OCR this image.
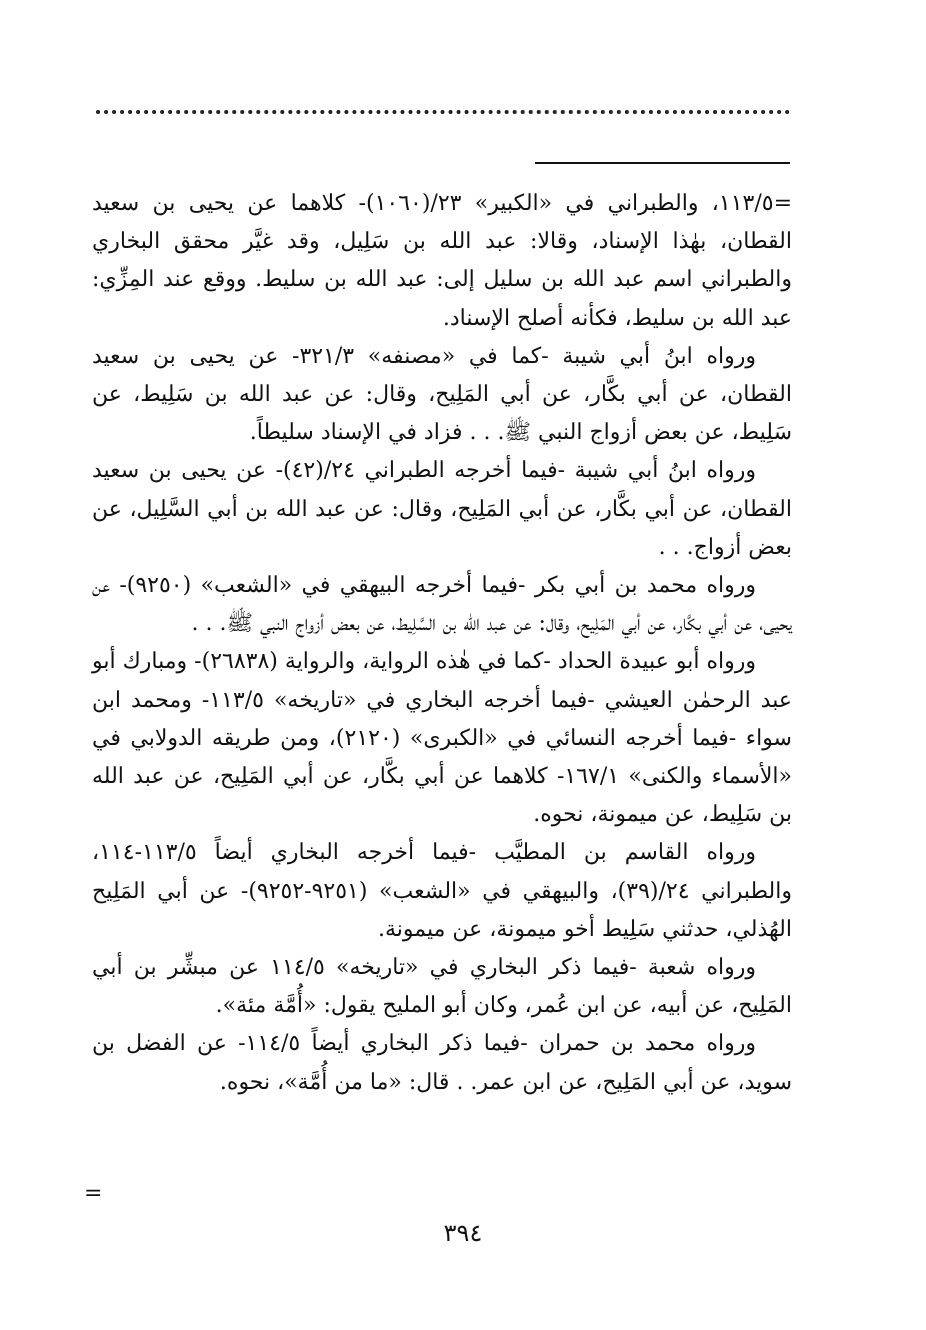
=١١٣/٥، والطبراني في «الكبير» ٢٣/(١٠٦٠)- كلاهما عن يحيى بن سعيد القطان، بهٰذا الإسناد، وقالا: عبد الله بن سَلِيل، وقد غيَّر محقق البخاري والطبراني اسم عبد الله بن سليل إلى: عبد الله بن سليط. ووقع عند المِزِّي: عبد الله بن سليط، فكأنه أصلح الإسناد.

ورواه ابنُ أبي شيبة -كما في «مصنفه» ٣٢١/٣- عن يحيى بن سعيد القطان، عن أبي بكَّار، عن أبي المَلِيح، وقال: عن عبد الله بن سَلِيط، عن سَلِيط، عن بعض أزواج النبي ﷺ. . . فزاد في الإسناد سليطاً.

ورواه ابنُ أبي شيبة -فيما أخرجه الطبراني ٢٤/(٤٢)- عن يحيى بن سعيد القطان، عن أبي بكَّار، عن أبي المَلِيح، وقال: عن عبد الله بن أبي السَّلِيل، عن بعض أزواج. . .

ورواه محمد بن أبي بكر -فيما أخرجه البيهقي في «الشعب» (٩٢٥٠)- عن يحيى، عن أبي بكَّار، عن أبي المَلِيح، وقال: عن عبد الله بن السَّلِيط، عن بعض أزواج النبي ﷺ. . .

ورواه أبو عبيدة الحداد -كما في هٰذه الرواية، والرواية (٢٦٨٣٨)- ومبارك أبو عبد الرحمٰن العيشي -فيما أخرجه البخاري في «تاريخه» ١١٣/٥- ومحمد ابن سواء -فيما أخرجه النسائي في «الكبرى» (٢١٢٠)، ومن طريقه الدولابي في «الأسماء والكنى» ١٦٧/١- كلاهما عن أبي بكَّار، عن أبي المَلِيح، عن عبد الله بن سَلِيط، عن ميمونة، نحوه.

ورواه القاسم بن المطيَّب -فيما أخرجه البخاري أيضاً ١١٣/٥-١١٤، والطبراني ٢٤/(٣٩)، والبيهقي في «الشعب» (٩٢٥١-٩٢٥٢)- عن أبي المَلِيح الهُذلي، حدثني سَلِيط أخو ميمونة، عن ميمونة.

ورواه شعبة -فيما ذكر البخاري في «تاريخه» ١١٤/٥ عن مبشِّر بن أبي المَلِيح، عن أبيه، عن ابن عُمر، وكان أبو المليح يقول: «أُمَّة مئة».

ورواه محمد بن حمران -فيما ذكر البخاري أيضاً ١١٤/٥- عن الفضل بن سويد، عن أبي المَلِيح، عن ابن عمر. . قال: «ما من أُمَّة»، نحوه.

=
٣٩٤
